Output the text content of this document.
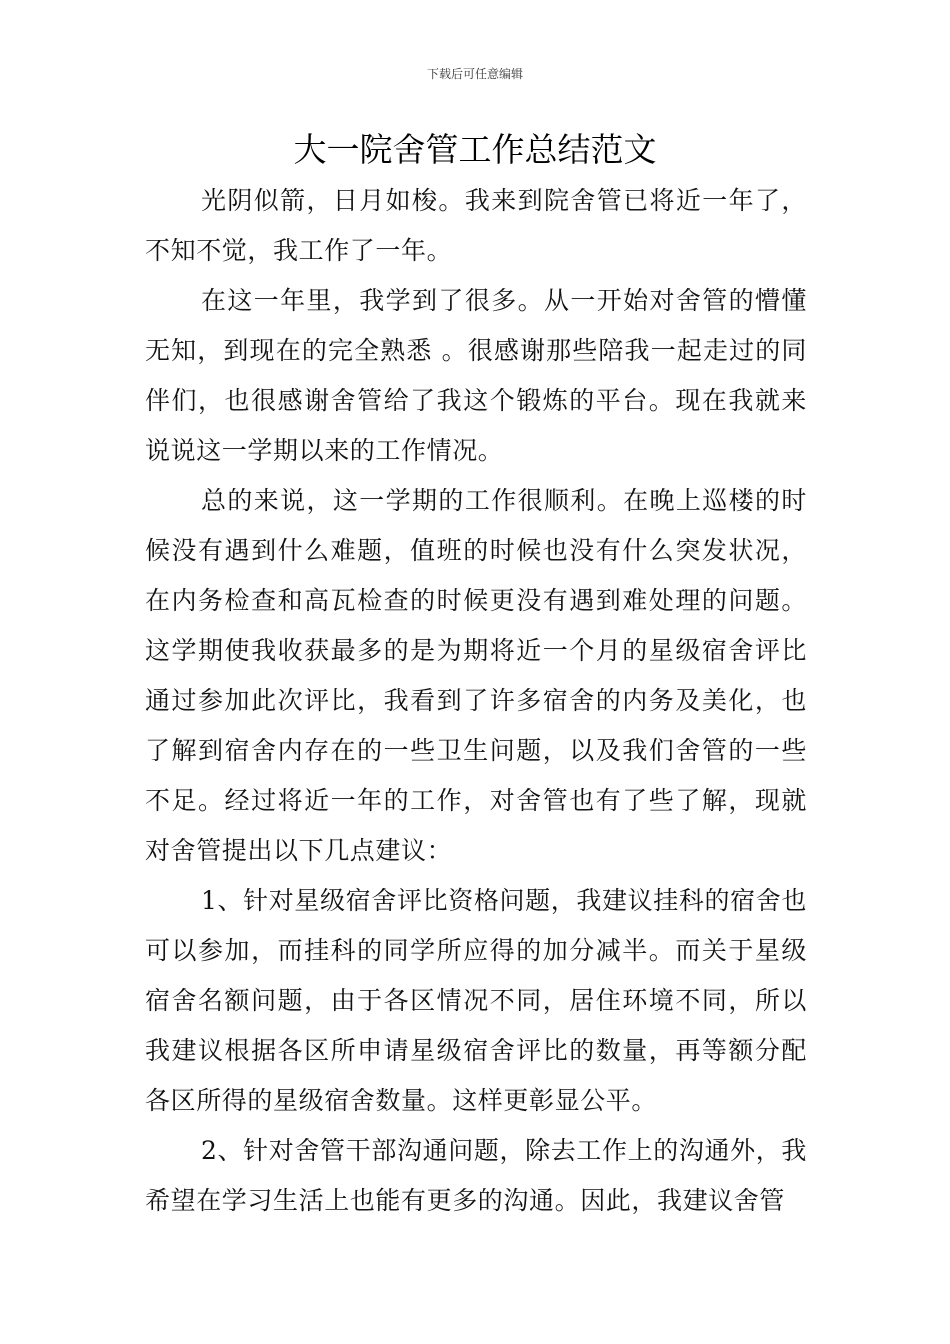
下载后可任意编辑
大一院舍管工作总结范文

光阴似箭，日月如梭。我来到院舍管已将近一年了，不知不觉，我工作了一年。

在这一年里，我学到了很多。从一开始对舍管的懵懂无知，到现在的完全熟悉 。很感谢那些陪我一起走过的同伴们，也很感谢舍管给了我这个锻炼的平台。现在我就来说说这一学期以来的工作情况。

总的来说，这一学期的工作很顺利。在晚上巡楼的时候没有遇到什么难题，值班的时候也没有什么突发状况，在内务检查和高瓦检查的时候更没有遇到难处理的问题。这学期使我收获最多的是为期将近一个月的星级宿舍评比通过参加此次评比，我看到了许多宿舍的内务及美化，也了解到宿舍内存在的一些卫生问题，以及我们舍管的一些不足。经过将近一年的工作，对舍管也有了些了解，现就对舍管提出以下几点建议：

1、针对星级宿舍评比资格问题，我建议挂科的宿舍也可以参加，而挂科的同学所应得的加分减半。而关于星级宿舍名额问题，由于各区情况不同，居住环境不同，所以我建议根据各区所申请星级宿舍评比的数量，再等额分配各区所得的星级宿舍数量。这样更彰显公平。

2、针对舍管干部沟通问题，除去工作上的沟通外，我希望在学习生活上也能有更多的沟通。因此，我建议舍管
